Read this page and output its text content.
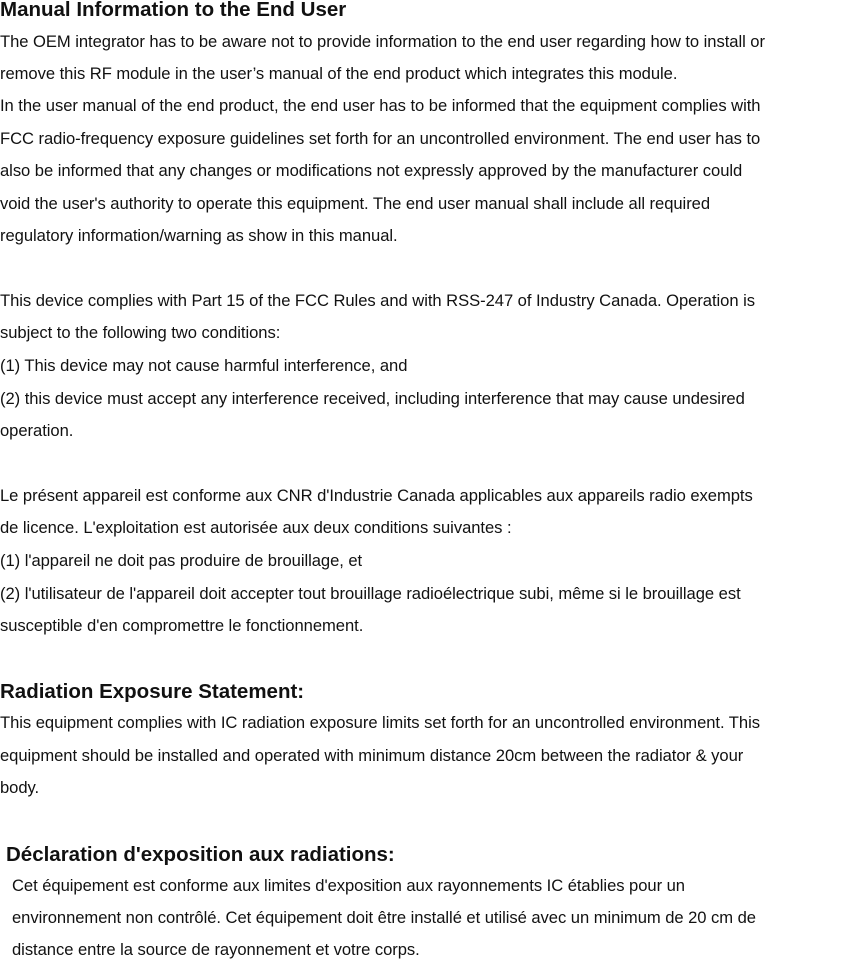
Manual Information to the End User
The OEM integrator has to be aware not to provide information to the end user regarding how to install or
remove this RF module in the user’s manual of the end product which integrates this module.
In the user manual of the end product, the end user has to be informed that the equipment complies with
FCC radio-frequency exposure guidelines set forth for an uncontrolled environment. The end user has to
also be informed that any changes or modifications not expressly approved by the manufacturer could
void the user's authority to operate this equipment. The end user manual shall include all required
regulatory information/warning as show in this manual.
This device complies with Part 15 of the FCC Rules and with RSS-247 of Industry Canada. Operation is
subject to the following two conditions:
(1) This device may not cause harmful interference, and
(2) this device must accept any interference received, including interference that may cause undesired
operation.
Le présent appareil est conforme aux CNR d'Industrie Canada applicables aux appareils radio exempts
de licence. L'exploitation est autorisée aux deux conditions suivantes :
(1) l'appareil ne doit pas produire de brouillage, et
(2) l'utilisateur de l'appareil doit accepter tout brouillage radioélectrique subi, même si le brouillage est
susceptible d'en compromettre le fonctionnement.
Radiation Exposure Statement:
This equipment complies with IC radiation exposure limits set forth for an uncontrolled environment. This
equipment should be installed and operated with minimum distance 20cm between the radiator & your
body.
Déclaration d'exposition aux radiations:
Cet équipement est conforme aux limites d'exposition aux rayonnements IC établies pour un
environnement non contrôlé. Cet équipement doit être installé et utilisé avec un minimum de 20 cm de
distance entre la source de rayonnement et votre corps.
